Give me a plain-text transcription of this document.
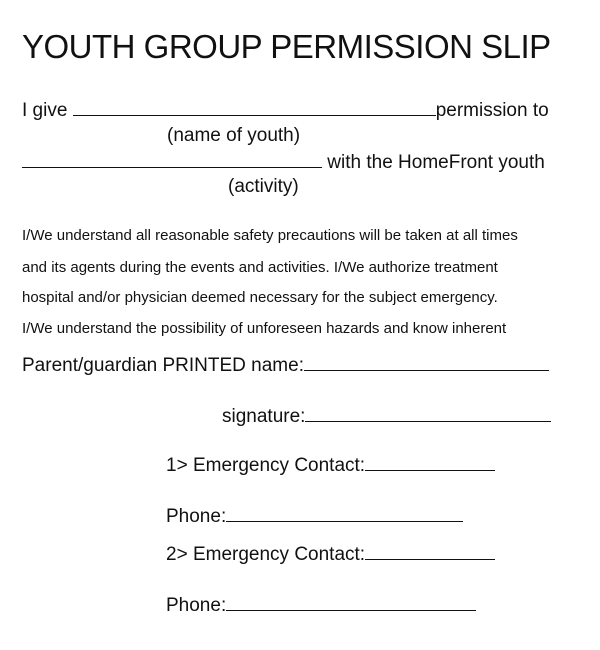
YOUTH GROUP PERMISSION SLIP
I give	permission to
(name of youth)
with the HomeFront youth
(activity)
I/We understand all reasonable safety precautions will be taken at all times
and its agents during the events and activities. I/We authorize treatment
hospital and/or physician deemed necessary for the subject emergency.
I/We understand the possibility of unforeseen hazards and know inherent
Parent/guardian PRINTED name:
signature:
1> Emergency Contact:
Phone:
2> Emergency Contact:
Phone:
